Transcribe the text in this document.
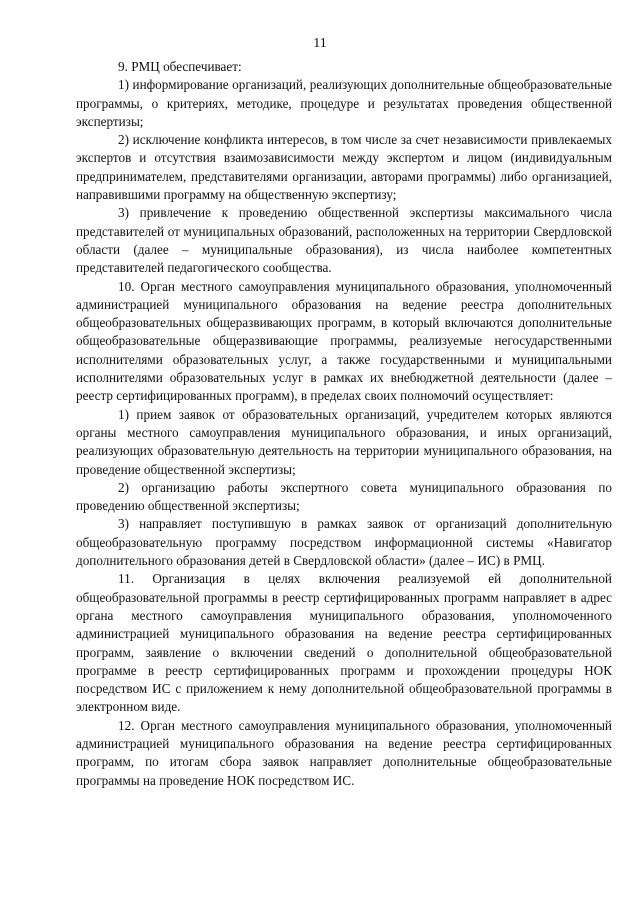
11

9. РМЦ обеспечивает:

1) информирование организаций, реализующих дополнительные общеобразовательные программы, о критериях, методике, процедуре и результатах проведения общественной экспертизы;

2) исключение конфликта интересов, в том числе за счет независимости привлекаемых экспертов и отсутствия взаимозависимости между экспертом и лицом (индивидуальным предпринимателем, представителями организации, авторами программы) либо организацией, направившими программу на общественную экспертизу;

3) привлечение к проведению общественной экспертизы максимального числа представителей от муниципальных образований, расположенных на территории Свердловской области (далее – муниципальные образования), из числа наиболее компетентных представителей педагогического сообщества.

10. Орган местного самоуправления муниципального образования, уполномоченный администрацией муниципального образования на ведение реестра дополнительных общеобразовательных общеразвивающих программ, в который включаются дополнительные общеобразовательные общеразвивающие программы, реализуемые негосударственными исполнителями образовательных услуг, а также государственными и муниципальными исполнителями образовательных услуг в рамках их внебюджетной деятельности (далее – реестр сертифицированных программ), в пределах своих полномочий осуществляет:

1) прием заявок от образовательных организаций, учредителем которых являются органы местного самоуправления муниципального образования, и иных организаций, реализующих образовательную деятельность на территории муниципального образования, на проведение общественной экспертизы;

2) организацию работы экспертного совета муниципального образования по проведению общественной экспертизы;

3) направляет поступившую в рамках заявок от организаций дополнительную общеобразовательную программу посредством информационной системы «Навигатор дополнительного образования детей в Свердловской области» (далее – ИС) в РМЦ.

11. Организация в целях включения реализуемой ей дополнительной общеобразовательной программы в реестр сертифицированных программ направляет в адрес органа местного самоуправления муниципального образования, уполномоченного администрацией муниципального образования на ведение реестра сертифицированных программ, заявление о включении сведений о дополнительной общеобразовательной программе в реестр сертифицированных программ и прохождении процедуры НОК посредством ИС с приложением к нему дополнительной общеобразовательной программы в электронном виде.

12. Орган местного самоуправления муниципального образования, уполномоченный администрацией муниципального образования на ведение реестра сертифицированных программ, по итогам сбора заявок направляет дополнительные общеобразовательные программы на проведение НОК посредством ИС.
